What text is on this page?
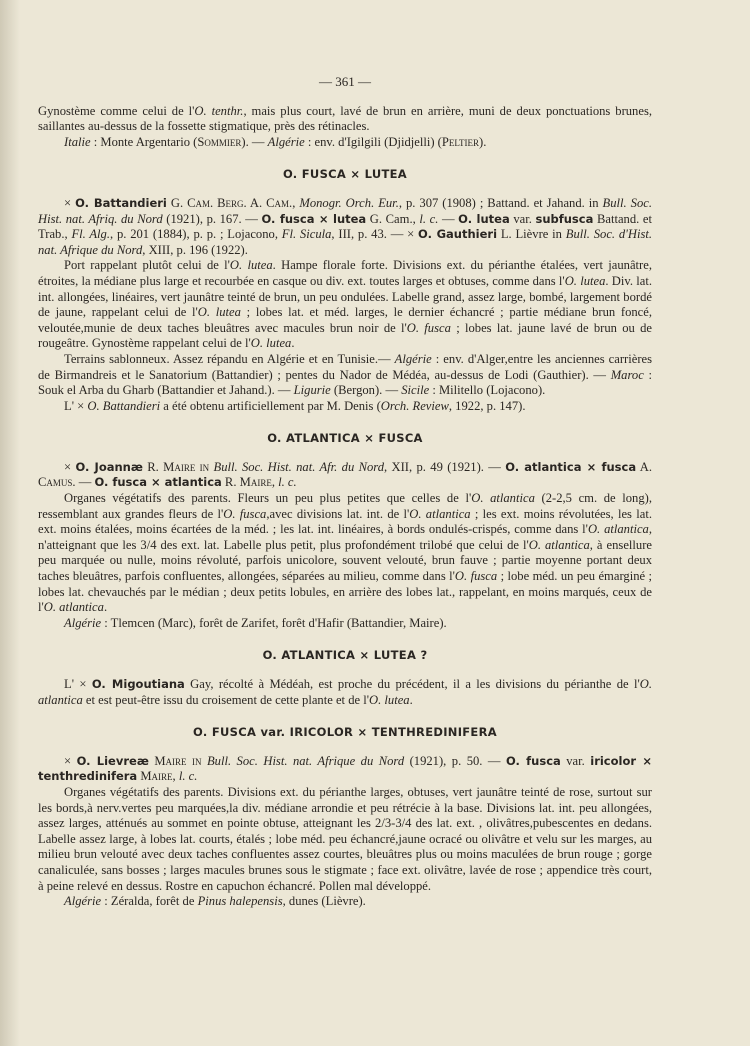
— 361 —

Gynostème comme celui de l'O. tenthr., mais plus court, lavé de brun en arrière, muni de deux ponctuations brunes, saillantes au-dessus de la fossette stigmatique, près des rétinacles.

Italie : Monte Argentario (Sommier). — Algérie : env. d'Igilgili (Djidjelli) (Peltier).

O. FUSCA × LUTEA

× O. Battandieri G. Cam. Berg. A. Cam., Monogr. Orch. Eur., p. 307 (1908) ; Battand. et Jahand. in Bull. Soc. Hist. nat. Afriq. du Nord (1921), p. 167. — O. fusca × lutea G. Cam., l. c. — O. lutea var. subfusca Battand. et Trab., Fl. Alg., p. 201 (1884), p. p. ; Lojacono, Fl. Sicula, III, p. 43. — × O. Gauthieri L. Lièvre in Bull. Soc. d'Hist. nat. Afrique du Nord, XIII, p. 196 (1922).

Port rappelant plutôt celui de l'O. lutea. Hampe florale forte. Divisions ext. du périanthe étalées, vert jaunâtre, étroites, la médiane plus large et recourbée en casque ou div. ext. toutes larges et obtuses, comme dans l'O. lutea. Div. lat. int. allongées, linéaires, vert jaunâtre teinté de brun, un peu ondulées. Labelle grand, assez large, bombé, largement bordé de jaune, rappelant celui de l'O. lutea ; lobes lat. et méd. larges, le dernier échancré ; partie médiane brun foncé, veloutée,munie de deux taches bleuâtres avec macules brun noir de l'O. fusca ; lobes lat. jaune lavé de brun ou de rougeâtre. Gynostème rappelant celui de l'O. lutea.

Terrains sablonneux. Assez répandu en Algérie et en Tunisie.— Algérie : env. d'Alger,entre les anciennes carrières de Birmandreis et le Sanatorium (Battandier) ; pentes du Nador de Médéa, au-dessus de Lodi (Gauthier). — Maroc : Souk el Arba du Gharb (Battandier et Jahand.). — Ligurie (Bergon). — Sicile : Militello (Lojacono).

L' × O. Battandieri a été obtenu artificiellement par M. Denis (Orch. Review, 1922, p. 147).

O. ATLANTICA × FUSCA

× O. Joannæ R. Maire in Bull. Soc. Hist. nat. Afr. du Nord, XII, p. 49 (1921). — O. atlantica × fusca A. Camus. — O. fusca × atlantica R. Maire, l. c.

Organes végétatifs des parents. Fleurs un peu plus petites que celles de l'O. atlantica (2-2,5 cm. de long), ressemblant aux grandes fleurs de l'O. fusca,avec divisions lat. int. de l'O. atlantica ; les ext. moins révolutées, les lat. ext. moins étalées, moins écartées de la méd. ; les lat. int. linéaires, à bords ondulés-crispés, comme dans l'O. atlantica, n'atteignant que les 3/4 des ext. lat. Labelle plus petit, plus profondément trilobé que celui de l'O. atlantica, à ensellure peu marquée ou nulle, moins révoluté, parfois unicolore, souvent velouté, brun fauve ; partie moyenne portant deux taches bleuâtres, parfois confluentes, allongées, séparées au milieu, comme dans l'O. fusca ; lobe méd. un peu émarginé ; lobes lat. chevauchés par le médian ; deux petits lobules, en arrière des lobes lat., rappelant, en moins marqués, ceux de l'O. atlantica.

Algérie : Tlemcen (Marc), forêt de Zarifet, forêt d'Hafir (Battandier, Maire).

O. ATLANTICA × LUTEA ?

L' × O. Migoutiana Gay, récolté à Médéah, est proche du précédent, il a les divisions du périanthe de l'O. atlantica et est peut-être issu du croisement de cette plante et de l'O. lutea.

O. FUSCA var. IRICOLOR × TENTHREDINIFERA

× O. Lievreæ Maire in Bull. Soc. Hist. nat. Afrique du Nord (1921), p. 50. — O. fusca var. iricolor × tenthredinifera Maire, l. c.

Organes végétatifs des parents. Divisions ext. du périanthe larges, obtuses, vert jaunâtre teinté de rose, surtout sur les bords,à nerv.vertes peu marquées,la div. médiane arrondie et peu rétrécie à la base. Divisions lat. int. peu allongées, assez larges, atténués au sommet en pointe obtuse, atteignant les 2/3-3/4 des lat. ext. , olivâtres,pubescentes en dedans. Labelle assez large, à lobes lat. courts, étalés ; lobe méd. peu échancré,jaune ocracé ou olivâtre et velu sur les marges, au milieu brun velouté avec deux taches confluentes assez courtes, bleuâtres plus ou moins maculées de brun rouge ; gorge canaliculée, sans bosses ; larges macules brunes sous le stigmate ; face ext. olivâtre, lavée de rose ; appendice très court, à peine relevé en dessus. Rostre en capuchon échancré. Pollen mal développé.

Algérie : Zéralda, forêt de Pinus halepensis, dunes (Lièvre).
